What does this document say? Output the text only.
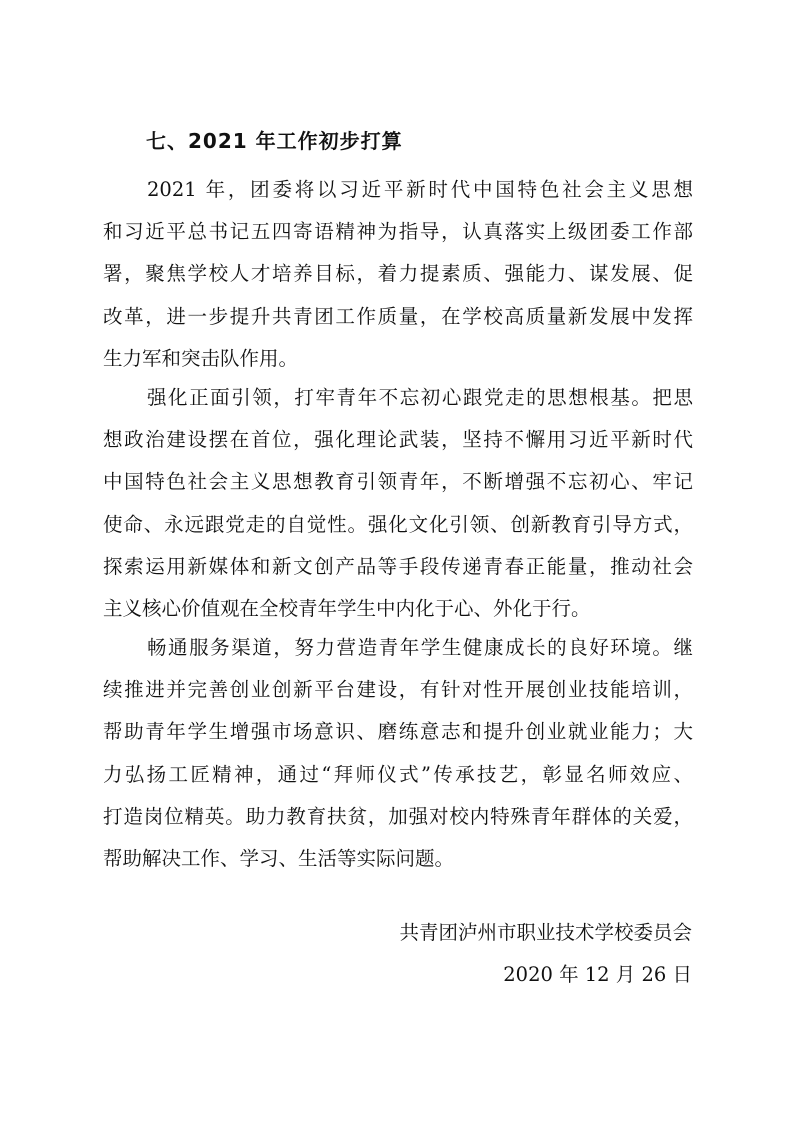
七、2021 年工作初步打算
2021 年，团委将以习近平新时代中国特色社会主义思想
和习近平总书记五四寄语精神为指导，认真落实上级团委工作部
署，聚焦学校人才培养目标，着力提素质、强能力、谋发展、促
改革，进一步提升共青团工作质量，在学校高质量新发展中发挥
生力军和突击队作用。
强化正面引领，打牢青年不忘初心跟党走的思想根基。把思
想政治建设摆在首位，强化理论武装，坚持不懈用习近平新时代
中国特色社会主义思想教育引领青年，不断增强不忘初心、牢记
使命、永远跟党走的自觉性。强化文化引领、创新教育引导方式，
探索运用新媒体和新文创产品等手段传递青春正能量，推动社会
主义核心价值观在全校青年学生中内化于心、外化于行。
畅通服务渠道，努力营造青年学生健康成长的良好环境。继
续推进并完善创业创新平台建设，有针对性开展创业技能培训，
帮助青年学生增强市场意识、磨练意志和提升创业就业能力；大
力弘扬工匠精神，通过“拜师仪式”传承技艺，彰显名师效应、
打造岗位精英。助力教育扶贫，加强对校内特殊青年群体的关爱，
帮助解决工作、学习、生活等实际问题。
共青团泸州市职业技术学校委员会
2020 年 12 月 26 日
